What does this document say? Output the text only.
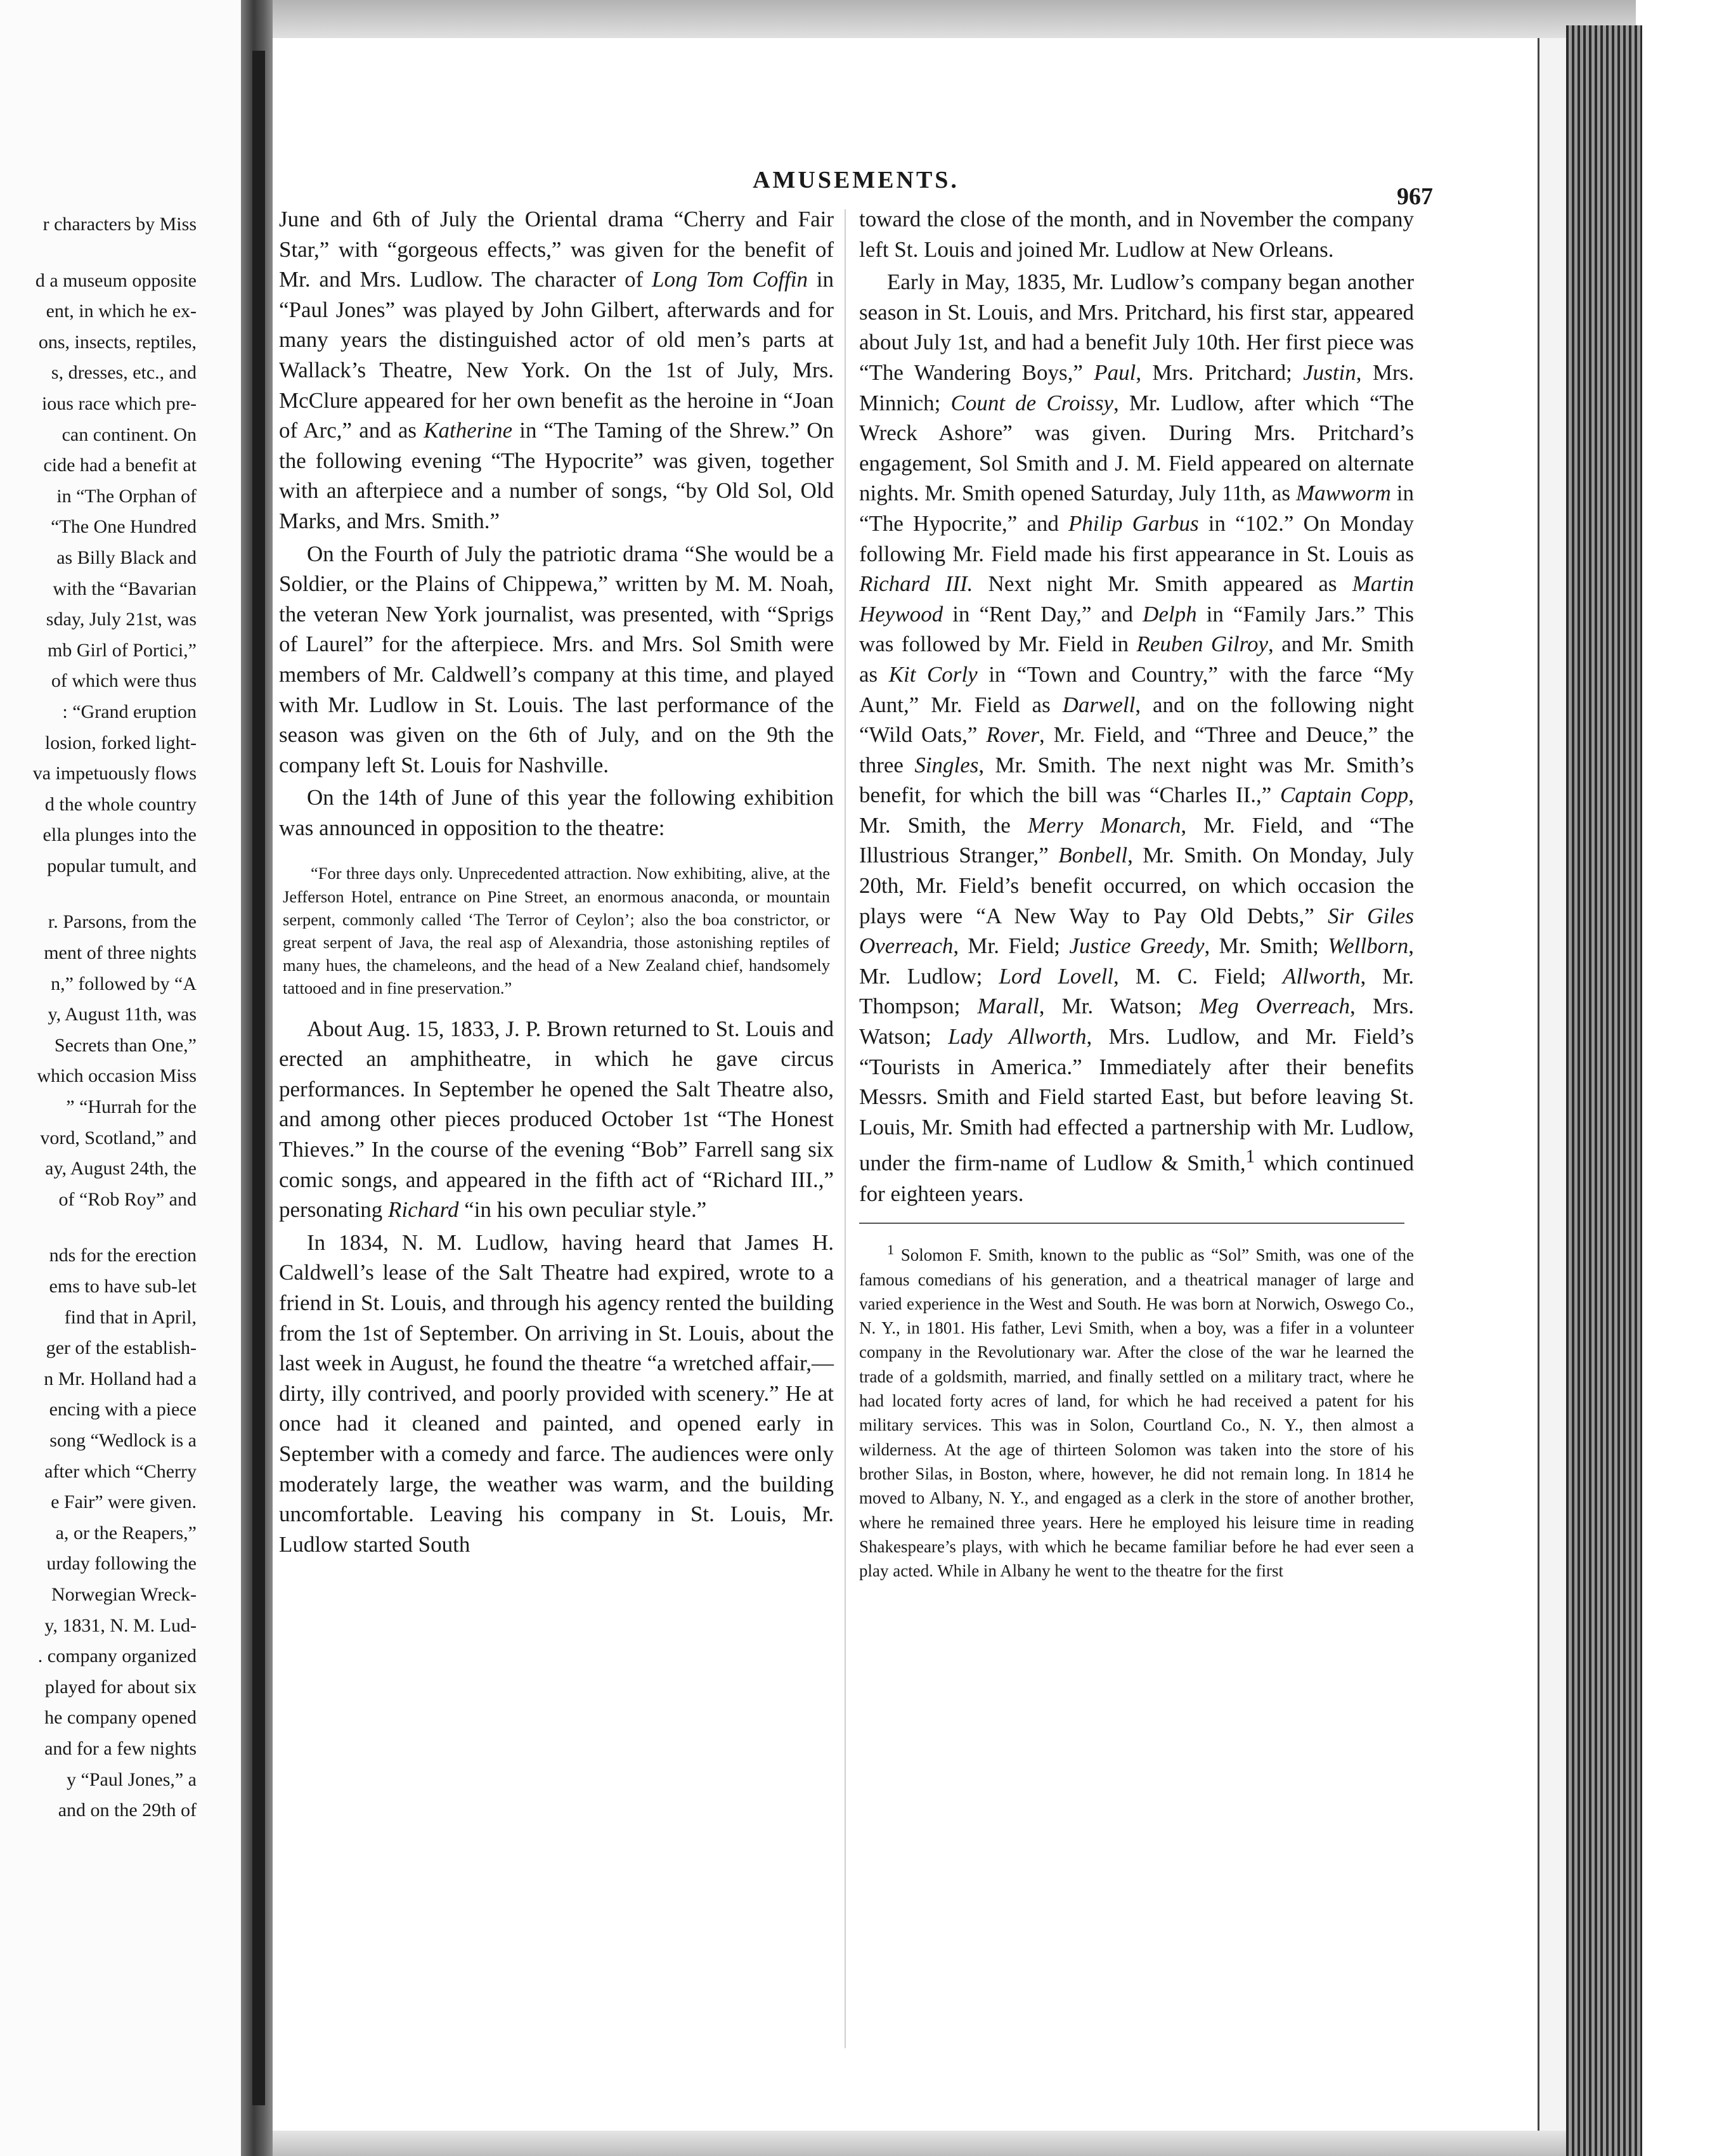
r characters by Miss
d a museum opposite
ent, in which he ex-
ons, insects, reptiles,
s, dresses, etc., and
ious race which pre-
can continent. On
cide had a benefit at
in “The Orphan of
“The One Hundred
as Billy Black and
with the “Bavarian
sday, July 21st, was
mb Girl of Portici,”
of which were thus
: “Grand eruption
losion, forked light-
va impetuously flows
d the whole country
ella plunges into the
popular tumult, and
r. Parsons, from the
ment of three nights
n,” followed by “A
y, August 11th, was
Secrets than One,”
which occasion Miss
” “Hurrah for the
vord, Scotland,” and
ay, August 24th, the
of “Rob Roy” and
nds for the erection
ems to have sub-let
find that in April,
ger of the establish-
n Mr. Holland had a
encing with a piece
song “Wedlock is a
after which “Cherry
e Fair” were given.
a, or the Reapers,”
urday following the
Norwegian Wreck-
y, 1831, N. M. Lud-
. company organized
played for about six
he company opened
and for a few nights
y “Paul Jones,” a
and on the 29th of
AMUSEMENTS.
967

June and 6th of July the Oriental drama “Cherry and Fair Star,” with “gorgeous effects,” was given for the benefit of Mr. and Mrs. Ludlow. The character of Long Tom Coffin in “Paul Jones” was played by John Gilbert, afterwards and for many years the distinguished actor of old men’s parts at Wallack’s Theatre, New York. On the 1st of July, Mrs. McClure appeared for her own benefit as the heroine in “Joan of Arc,” and as Katherine in “The Taming of the Shrew.” On the following evening “The Hypocrite” was given, together with an afterpiece and a number of songs, “by Old Sol, Old Marks, and Mrs. Smith.”

On the Fourth of July the patriotic drama “She would be a Soldier, or the Plains of Chippewa,” written by M. M. Noah, the veteran New York journalist, was presented, with “Sprigs of Laurel” for the afterpiece. Mrs. and Mrs. Sol Smith were members of Mr. Caldwell’s company at this time, and played with Mr. Ludlow in St. Louis. The last performance of the season was given on the 6th of July, and on the 9th the company left St. Louis for Nashville.

On the 14th of June of this year the following exhibition was announced in opposition to the theatre:

“For three days only. Unprecedented attraction. Now exhibiting, alive, at the Jefferson Hotel, entrance on Pine Street, an enormous anaconda, or mountain serpent, commonly called ‘The Terror of Ceylon’; also the boa constrictor, or great serpent of Java, the real asp of Alexandria, those astonishing reptiles of many hues, the chameleons, and the head of a New Zealand chief, handsomely tattooed and in fine preservation.”

About Aug. 15, 1833, J. P. Brown returned to St. Louis and erected an amphitheatre, in which he gave circus performances. In September he opened the Salt Theatre also, and among other pieces produced October 1st “The Honest Thieves.” In the course of the evening “Bob” Farrell sang six comic songs, and appeared in the fifth act of “Richard III.,” personating Richard “in his own peculiar style.”

In 1834, N. M. Ludlow, having heard that James H. Caldwell’s lease of the Salt Theatre had expired, wrote to a friend in St. Louis, and through his agency rented the building from the 1st of September. On arriving in St. Louis, about the last week in August, he found the theatre “a wretched affair,—dirty, illy contrived, and poorly provided with scenery.” He at once had it cleaned and painted, and opened early in September with a comedy and farce. The audiences were only moderately large, the weather was warm, and the building uncomfortable. Leaving his company in St. Louis, Mr. Ludlow started South

toward the close of the month, and in November the company left St. Louis and joined Mr. Ludlow at New Orleans.

Early in May, 1835, Mr. Ludlow’s company began another season in St. Louis, and Mrs. Pritchard, his first star, appeared about July 1st, and had a benefit July 10th. Her first piece was “The Wandering Boys,” Paul, Mrs. Pritchard; Justin, Mrs. Minnich; Count de Croissy, Mr. Ludlow, after which “The Wreck Ashore” was given. During Mrs. Pritchard’s engagement, Sol Smith and J. M. Field appeared on alternate nights. Mr. Smith opened Saturday, July 11th, as Mawworm in “The Hypocrite,” and Philip Garbus in “102.” On Monday following Mr. Field made his first appearance in St. Louis as Richard III. Next night Mr. Smith appeared as Martin Heywood in “Rent Day,” and Delph in “Family Jars.” This was followed by Mr. Field in Reuben Gilroy, and Mr. Smith as Kit Corly in “Town and Country,” with the farce “My Aunt,” Mr. Field as Darwell, and on the following night “Wild Oats,” Rover, Mr. Field, and “Three and Deuce,” the three Singles, Mr. Smith. The next night was Mr. Smith’s benefit, for which the bill was “Charles II.,” Captain Copp, Mr. Smith, the Merry Monarch, Mr. Field, and “The Illustrious Stranger,” Bonbell, Mr. Smith. On Monday, July 20th, Mr. Field’s benefit occurred, on which occasion the plays were “A New Way to Pay Old Debts,” Sir Giles Overreach, Mr. Field; Justice Greedy, Mr. Smith; Wellborn, Mr. Ludlow; Lord Lovell, M. C. Field; Allworth, Mr. Thompson; Marall, Mr. Watson; Meg Overreach, Mrs. Watson; Lady Allworth, Mrs. Ludlow, and Mr. Field’s “Tourists in America.” Immediately after their benefits Messrs. Smith and Field started East, but before leaving St. Louis, Mr. Smith had effected a partnership with Mr. Ludlow, under the firm-name of Ludlow & Smith,$^1$ which continued for eighteen years.

$^1$ Solomon F. Smith, known to the public as “Sol” Smith, was one of the famous comedians of his generation, and a theatrical manager of large and varied experience in the West and South. He was born at Norwich, Oswego Co., N. Y., in 1801. His father, Levi Smith, when a boy, was a fifer in a volunteer company in the Revolutionary war. After the close of the war he learned the trade of a goldsmith, married, and finally settled on a military tract, where he had located forty acres of land, for which he had received a patent for his military services. This was in Solon, Courtland Co., N. Y., then almost a wilderness. At the age of thirteen Solomon was taken into the store of his brother Silas, in Boston, where, however, he did not remain long. In 1814 he moved to Albany, N. Y., and engaged as a clerk in the store of another brother, where he remained three years. Here he employed his leisure time in reading Shakespeare’s plays, with which he became familiar before he had ever seen a play acted. While in Albany he went to the theatre for the first
